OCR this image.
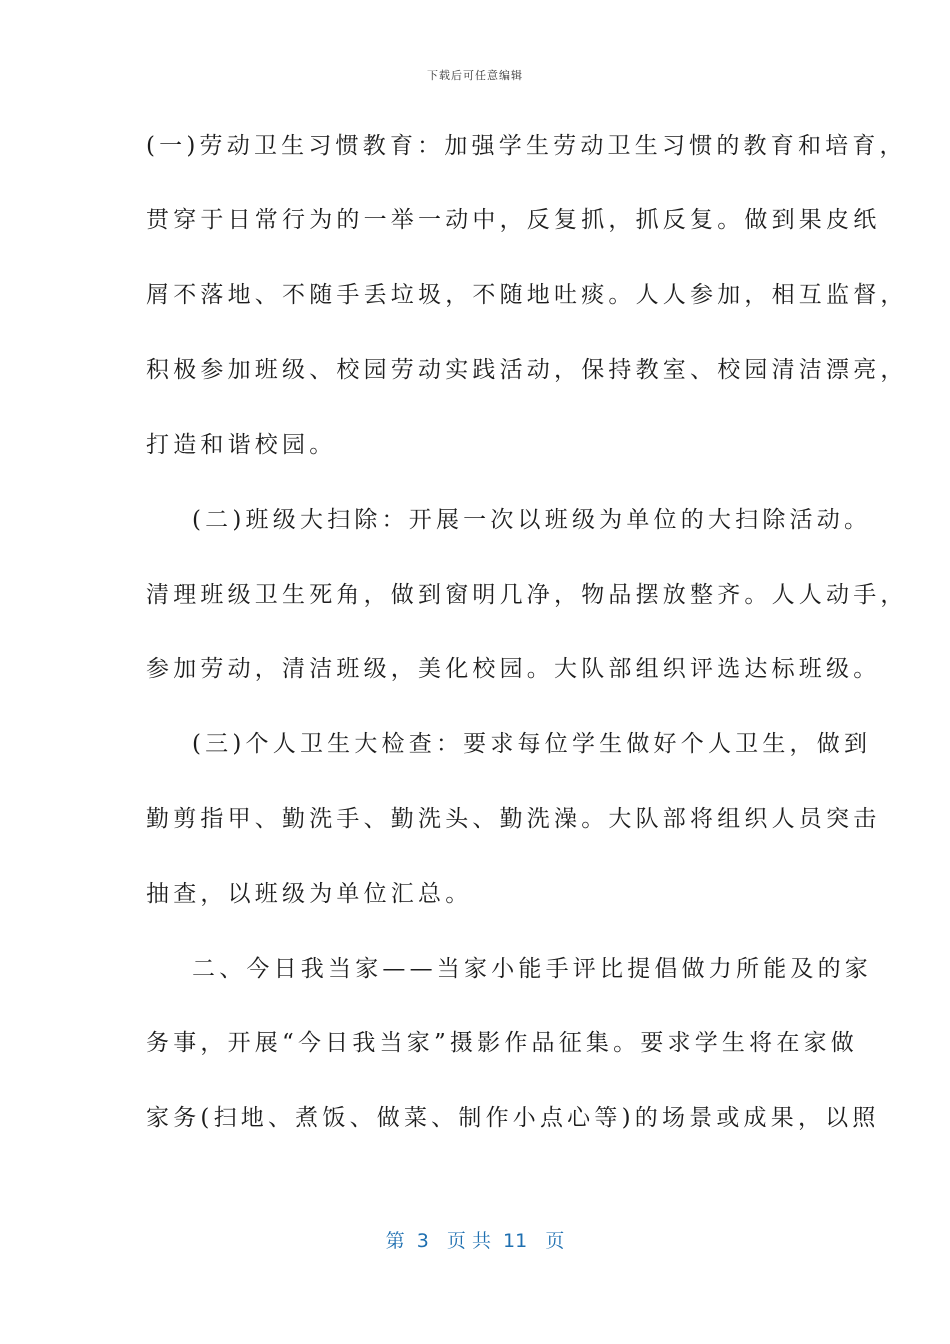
下载后可任意编辑
(一)劳动卫生习惯教育：加强学生劳动卫生习惯的教育和培育，
贯穿于日常行为的一举一动中，反复抓，抓反复。做到果皮纸
屑不落地、不随手丢垃圾，不随地吐痰。人人参加，相互监督，
积极参加班级、校园劳动实践活动，保持教室、校园清洁漂亮，
打造和谐校园。
(二)班级大扫除：开展一次以班级为单位的大扫除活动。
清理班级卫生死角，做到窗明几净，物品摆放整齐。人人动手，
参加劳动，清洁班级，美化校园。大队部组织评选达标班级。
(三)个人卫生大检查：要求每位学生做好个人卫生，做到
勤剪指甲、勤洗手、勤洗头、勤洗澡。大队部将组织人员突击
抽查，以班级为单位汇总。
二、今日我当家——当家小能手评比提倡做力所能及的家
务事，开展“今日我当家”摄影作品征集。要求学生将在家做
家务(扫地、煮饭、做菜、制作小点心等)的场景或成果，以照
第  3   页 共  11   页
